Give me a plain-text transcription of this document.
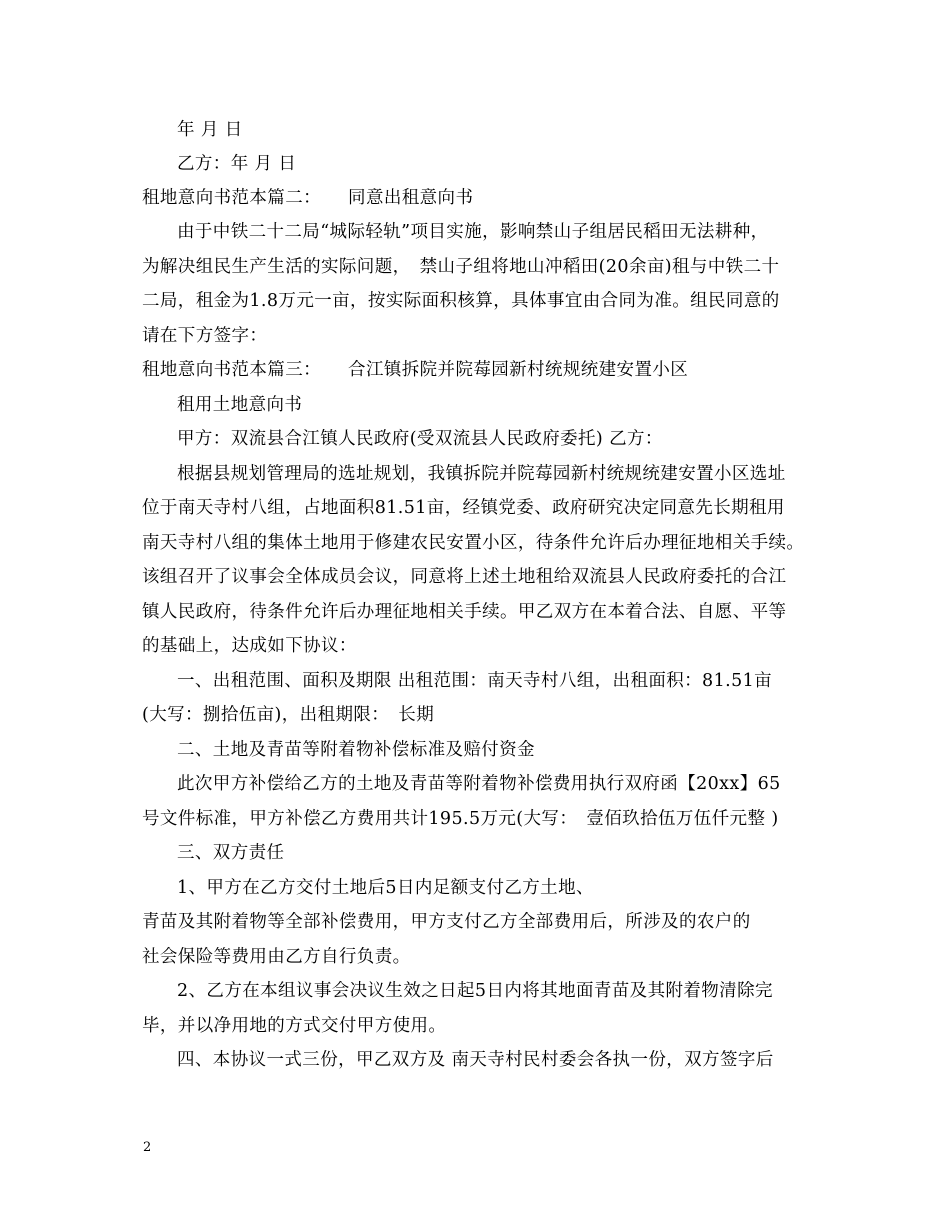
年 月 日
乙方：年 月 日
租地意向书范本篇二：　　同意出租意向书
由于中铁二十二局“城际轻轨”项目实施，影响禁山子组居民稻田无法耕种，
为解决组民生产生活的实际问题，　禁山子组将地山冲稻田(20余亩)租与中铁二十
二局，租金为1.8万元一亩，按实际面积核算，具体事宜由合同为准。组民同意的
请在下方签字：
租地意向书范本篇三：　　合江镇拆院并院莓园新村统规统建安置小区
租用土地意向书
甲方：双流县合江镇人民政府(受双流县人民政府委托) 乙方：
根据县规划管理局的选址规划，我镇拆院并院莓园新村统规统建安置小区选址
位于南天寺村八组，占地面积81.51亩，经镇党委、政府研究决定同意先长期租用
南天寺村八组的集体土地用于修建农民安置小区，待条件允许后办理征地相关手续。
该组召开了议事会全体成员会议，同意将上述土地租给双流县人民政府委托的合江
镇人民政府，待条件允许后办理征地相关手续。甲乙双方在本着合法、自愿、平等
的基础上，达成如下协议：
一、出租范围、面积及期限 出租范围：南天寺村八组，出租面积：81.51亩
(大写：捌拾伍亩)，出租期限：　长期
二、土地及青苗等附着物补偿标准及赔付资金
此次甲方补偿给乙方的土地及青苗等附着物补偿费用执行双府函【20xx】65
号文件标准，甲方补偿乙方费用共计195.5万元(大写：　壹佰玖拾伍万伍仟元整 )
三、双方责任
1、甲方在乙方交付土地后5日内足额支付乙方土地、
青苗及其附着物等全部补偿费用，甲方支付乙方全部费用后，所涉及的农户的
社会保险等费用由乙方自行负责。
2、乙方在本组议事会决议生效之日起5日内将其地面青苗及其附着物清除完
毕，并以净用地的方式交付甲方使用。
四、本协议一式三份，甲乙双方及 南天寺村民村委会各执一份，双方签字后
2
